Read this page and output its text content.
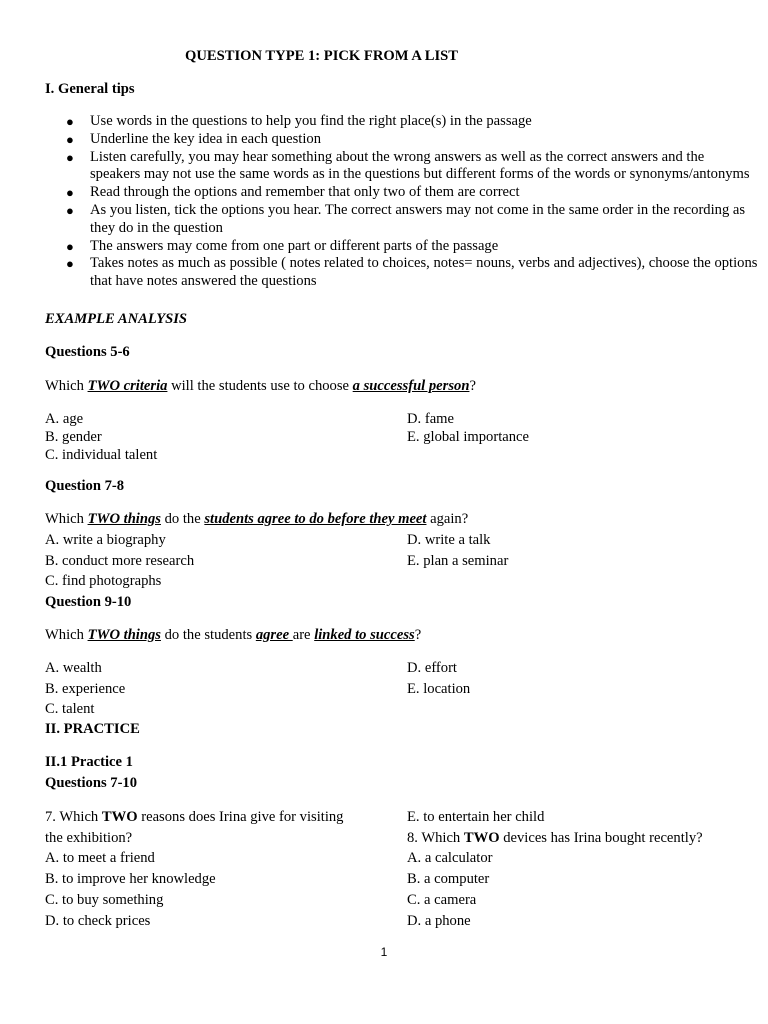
QUESTION TYPE 1: PICK FROM A LIST
I. General tips
● Use words in the questions to help you find the right place(s) in the passage
● Underline the key idea in each question
● Listen carefully, you may hear something about the wrong answers as well as the correct answers and the speakers may not use the same words as in the questions but different forms of the words or synonyms/antonyms
● Read through the options and remember that only two of them are correct
● As you listen, tick the options you hear. The correct answers may not come in the same order in the recording as they do in the question
● The answers may come from one part or different parts of the passage
● Takes notes as much as possible ( notes related to choices, notes= nouns, verbs and adjectives), choose the options that have notes answered the questions
EXAMPLE ANALYSIS
Questions 5-6
Which TWO criteria will the students use to choose a successful person?
A. age
B. gender
C. individual talent
D. fame
E. global importance
Question 7-8
Which TWO things do the students agree to do before they meet again?
A. write a biography
B. conduct more research
C. find photographs
D. write a talk
E. plan a seminar
Question 9-10
Which TWO things do the students agree are linked to success?
A. wealth
B. experience
C. talent
D. effort
E. location
II. PRACTICE
II.1 Practice 1
Questions 7-10
7. Which TWO reasons does Irina give for visiting
the exhibition?
A. to meet a friend
B. to improve her knowledge
C. to buy something
D. to check prices
E. to entertain her child
8. Which TWO devices has Irina bought recently?
A. a calculator
B. a computer
C. a camera
D. a phone
1
